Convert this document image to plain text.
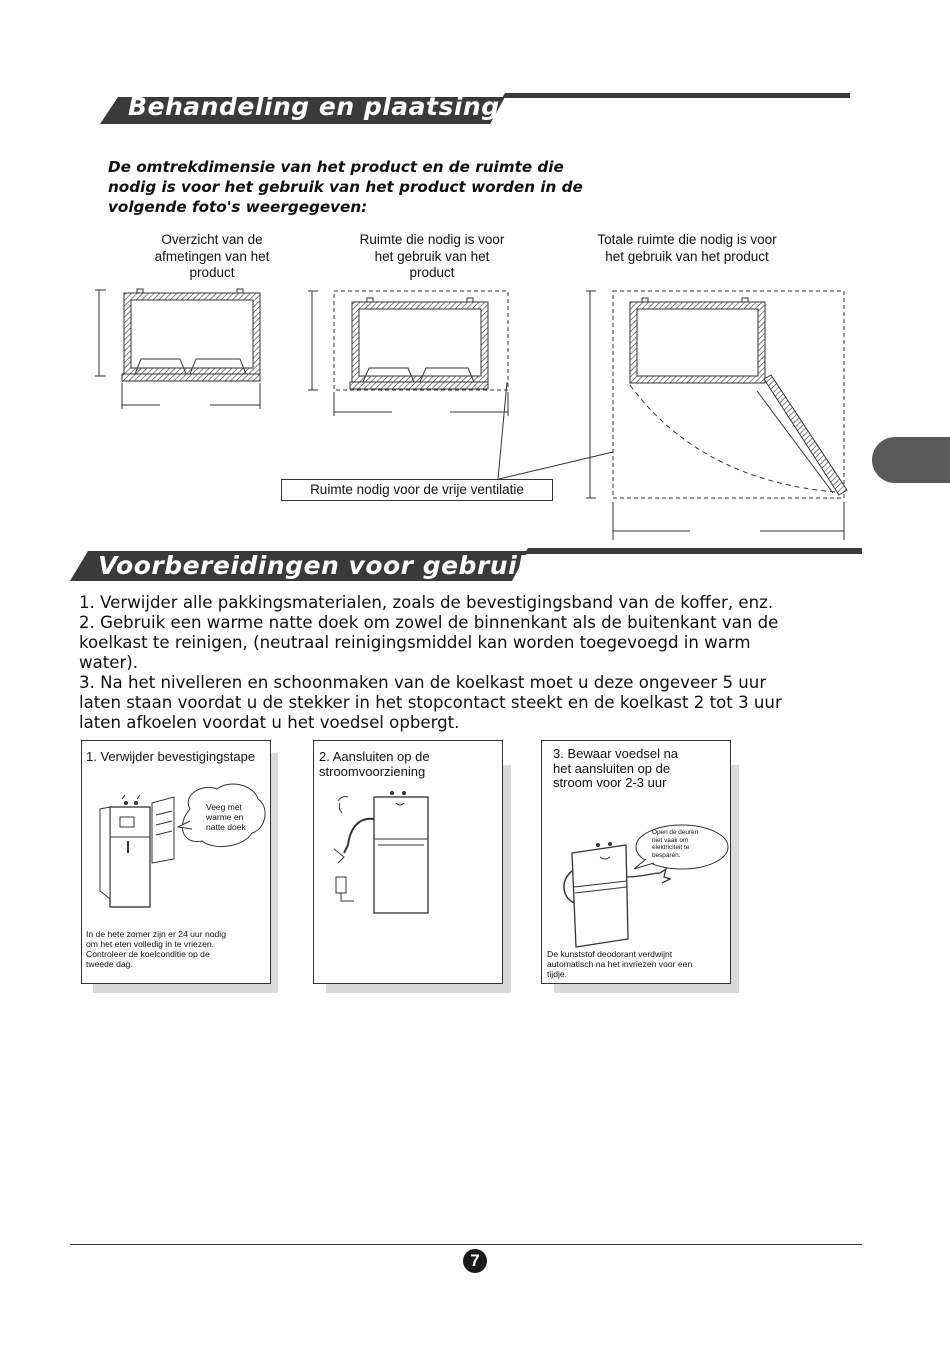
Behandeling en plaatsing
De omtrekdimensie van het product en de ruimte die
nodig is voor het gebruik van het product worden in de
volgende foto's weergegeven:
Overzicht van de
afmetingen van het
product
Ruimte die nodig is voor
het gebruik van het
product
Totale ruimte die nodig is voor
het gebruik van het product
Ruimte nodig voor de vrije ventilatie
Voorbereidingen voor gebruik
1. Verwijder alle pakkingsmaterialen, zoals de bevestigingsband van de koffer, enz.
2. Gebruik een warme natte doek om zowel de binnenkant als de buitenkant van de
koelkast te reinigen, (neutraal reinigingsmiddel kan worden toegevoegd in warm
water).
3. Na het nivelleren en schoonmaken van de koelkast moet u deze ongeveer 5 uur
laten staan voordat u de stekker in het stopcontact steekt en de koelkast 2 tot 3 uur
laten afkoelen voordat u het voedsel opbergt.
1. Verwijder bevestigingstape
Veeg met
warme en
natte doek
In de hete zomer zijn er 24 uur nodig
om het eten volledig in te vriezen.
Controleer de koelconditie op de
tweede dag.
2. Aansluiten op de
stroomvoorziening
3. Bewaar voedsel na
het aansluiten op de
stroom voor 2-3 uur
Open de deuren
niet vaak om
elektriciteit te
besparen.
De kunststof deodorant verdwijnt
automatisch na het invriezen voor een
tijdje.
7
